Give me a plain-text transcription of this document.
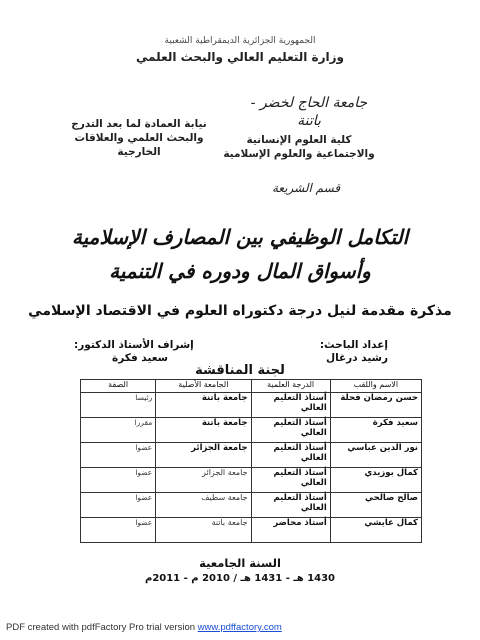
الجمهورية الجزائرية الديمقراطية الشعبية
وزارة التعليم العالي والبحث العلمي
جامعة الحاج لخضر -
باتنة
كلية العلوم الإنسانية
والاجتماعية والعلوم الإسلامية
قسم الشريعة
نيابة العمادة لما بعد التدرج
والبحث العلمي والعلاقات
الخارجية
التكامل الوظيفي بين المصارف الإسلامية
وأسواق المال ودوره في التنمية
مذكرة مقدمة لنيل درجة دكتوراه العلوم في الاقتصاد الإسلامي
إعداد الباحث:
رشيد درغال
إشراف الأستاذ الدكتور:
سعيد فكرة
لجنة المناقشة
الاسم واللقب	الدرجة العلمية	الجامعة الأصلية	الصفة
حسن رمضان فحلة	أستاذ التعليم العالي	جامعة باتنة	رئيسا
سعيد فكرة	أستاذ التعليم العالي	جامعة باتنة	مقررا
نور الدين عباسي	أستاذ التعليم العالي	جامعة الجزائر	عضوا
كمال بوزيدي	أستاذ التعليم العالي	جامعة الجزائر	عضوا
صالح صالحي	أستاذ التعليم العالي	جامعة سطيف	عضوا
كمال عايشي	أستاذ محاضر	جامعة باتنة	عضوا
السنة الجامعية
1430 هـ - 1431 هـ / 2010 م - 2011م
PDF created with pdfFactory Pro trial version www.pdffactory.com
